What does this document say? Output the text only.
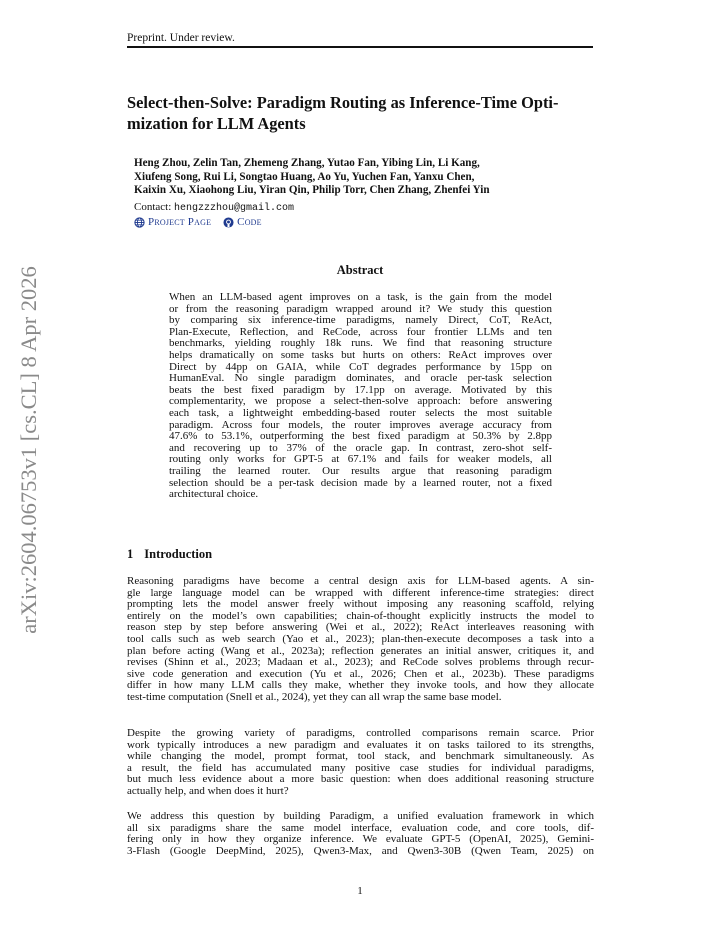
Preprint. Under review.
Select-then-Solve: Paradigm Routing as Inference-Time Opti-
mization for LLM Agents
Heng Zhou, Zelin Tan, Zhemeng Zhang, Yutao Fan, Yibing Lin, Li Kang,
Xiufeng Song, Rui Li, Songtao Huang, Ao Yu, Yuchen Fan, Yanxu Chen,
Kaixin Xu, Xiaohong Liu, Yiran Qin, Philip Torr, Chen Zhang, Zhenfei Yin
Contact: hengzzzhou@gmail.com
Project Page Code
arXiv:2604.06753v1 [cs.CL] 8 Apr 2026	Abstract
When an LLM-based agent improves on a task, is the gain from the model
or from the reasoning paradigm wrapped around it? We study this question
by comparing six inference-time paradigms, namely Direct, CoT, ReAct,
Plan-Execute, Reflection, and ReCode, across four frontier LLMs and ten
benchmarks, yielding roughly 18k runs. We find that reasoning structure
helps dramatically on some tasks but hurts on others: ReAct improves over
Direct by 44pp on GAIA, while CoT degrades performance by 15pp on
HumanEval. No single paradigm dominates, and oracle per-task selection
beats the best fixed paradigm by 17.1pp on average. Motivated by this
complementarity, we propose a select-then-solve approach: before answering
each task, a lightweight embedding-based router selects the most suitable
paradigm. Across four models, the router improves average accuracy from
47.6% to 53.1%, outperforming the best fixed paradigm at 50.3% by 2.8pp
and recovering up to 37% of the oracle gap. In contrast, zero-shot self-
routing only works for GPT-5 at 67.1% and fails for weaker models, all
trailing the learned router. Our results argue that reasoning paradigm
selection should be a per-task decision made by a learned router, not a fixed
architectural choice.
1 Introduction
Reasoning paradigms have become a central design axis for LLM-based agents. A sin-
gle large language model can be wrapped with different inference-time strategies: direct
prompting lets the model answer freely without imposing any reasoning scaffold, relying
entirely on the model’s own capabilities; chain-of-thought explicitly instructs the model to
reason step by step before answering (Wei et al., 2022); ReAct interleaves reasoning with
tool calls such as web search (Yao et al., 2023); plan-then-execute decomposes a task into a
plan before acting (Wang et al., 2023a); reflection generates an initial answer, critiques it, and
revises (Shinn et al., 2023; Madaan et al., 2023); and ReCode solves problems through recur-
sive code generation and execution (Yu et al., 2026; Chen et al., 2023b). These paradigms
differ in how many LLM calls they make, whether they invoke tools, and how they allocate
test-time computation (Snell et al., 2024), yet they can all wrap the same base model.
Despite the growing variety of paradigms, controlled comparisons remain scarce. Prior
work typically introduces a new paradigm and evaluates it on tasks tailored to its strengths,
while changing the model, prompt format, tool stack, and benchmark simultaneously. As
a result, the field has accumulated many positive case studies for individual paradigms,
but much less evidence about a more basic question: when does additional reasoning structure
actually help, and when does it hurt?
We address this question by building Paradigm, a unified evaluation framework in which
all six paradigms share the same model interface, evaluation code, and core tools, dif-
fering only in how they organize inference. We evaluate GPT-5 (OpenAI, 2025), Gemini-
3-Flash (Google DeepMind, 2025), Qwen3-Max, and Qwen3-30B (Qwen Team, 2025) on
1
